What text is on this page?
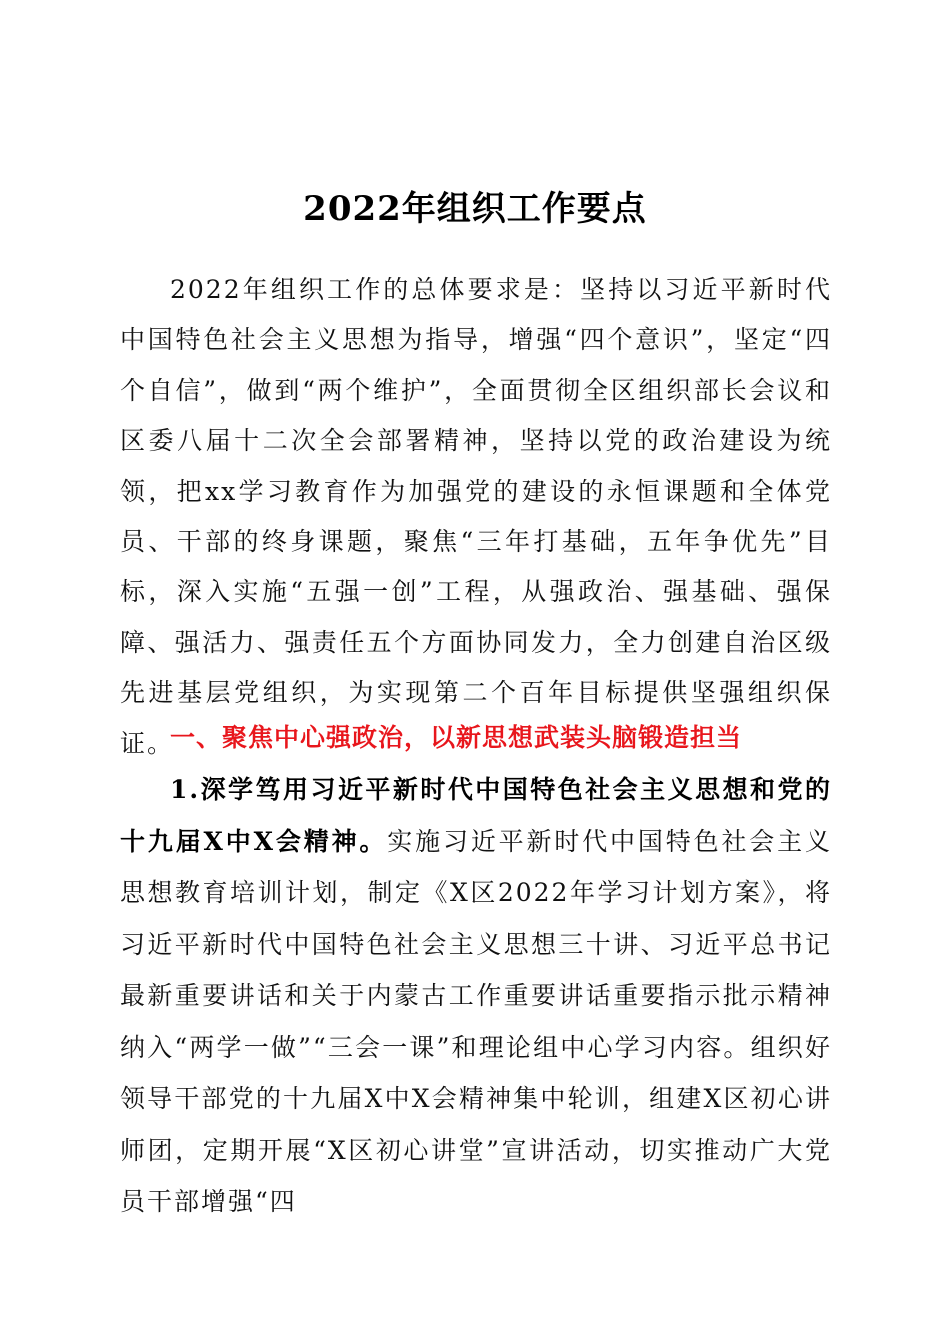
2022年组织工作要点

2022年组织工作的总体要求是：坚持以习近平新时代中国特色社会主义思想为指导，增强“四个意识”，坚定“四个自信”，做到“两个维护”，全面贯彻全区组织部长会议和区委八届十二次全会部署精神，坚持以党的政治建设为统领，把xx学习教育作为加强党的建设的永恒课题和全体党员、干部的终身课题，聚焦“三年打基础，五年争优先”目标，深入实施“五强一创”工程，从强政治、强基础、强保障、强活力、强责任五个方面协同发力，全力创建自治区级先进基层党组织，为实现第二个百年目标提供坚强组织保证。

一、聚焦中心强政治，以新思想武装头脑锻造担当

1.深学笃用习近平新时代中国特色社会主义思想和党的十九届X中X会精神。实施习近平新时代中国特色社会主义思想教育培训计划，制定《X区2022年学习计划方案》，将习近平新时代中国特色社会主义思想三十讲、习近平总书记最新重要讲话和关于内蒙古工作重要讲话重要指示批示精神纳入“两学一做”“三会一课”和理论组中心学习内容。组织好领导干部党的十九届X中X会精神集中轮训，组建X区初心讲师团，定期开展“X区初心讲堂”宣讲活动，切实推动广大党员干部增强“四
